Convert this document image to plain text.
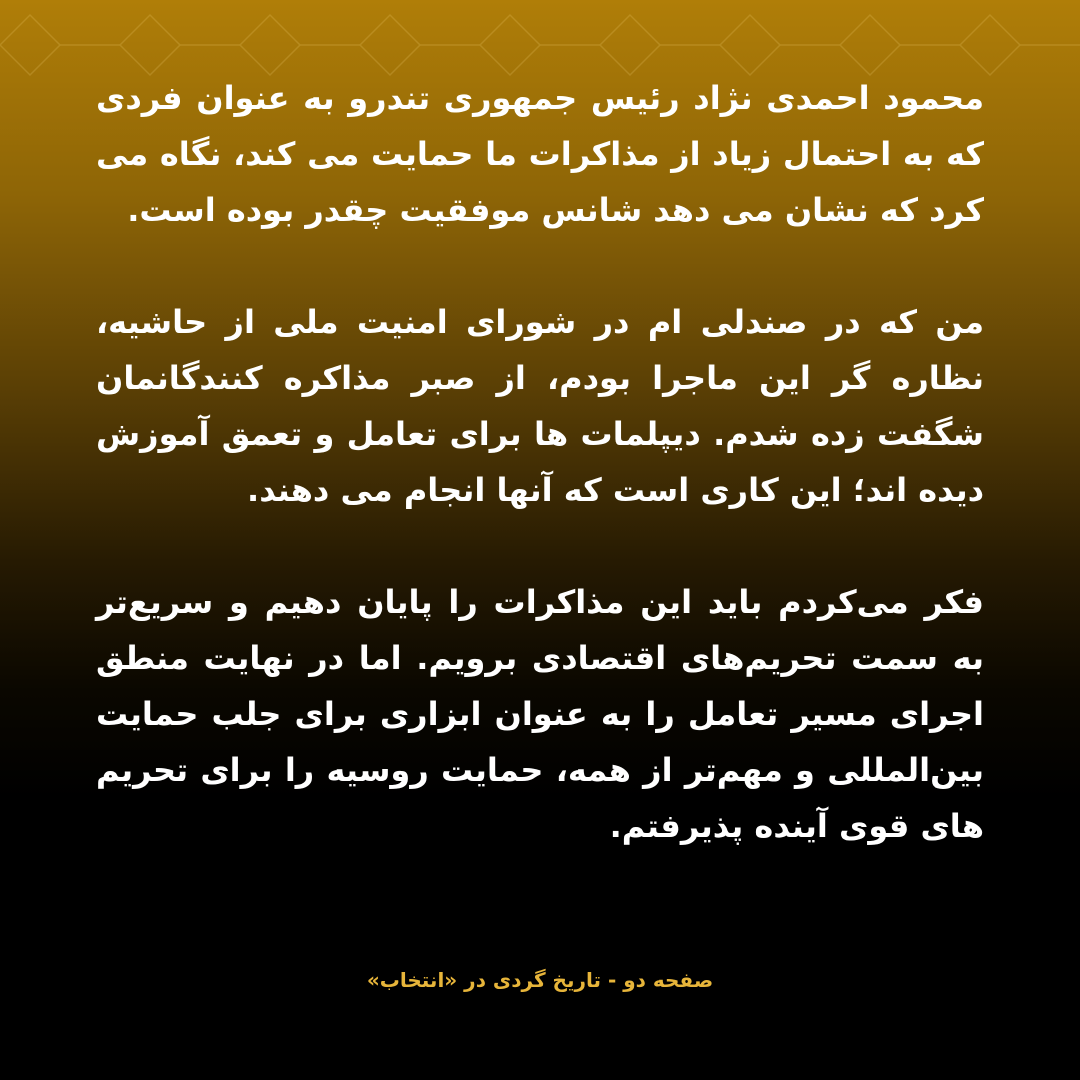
محمود احمدی نژاد رئیس جمهوری تندرو به عنوان فردی که به احتمال زیاد از مذاکرات ما حمایت می کند، نگاه می کرد که نشان می دهد شانس موفقیت چقدر بوده است.

من که در صندلی ام در شورای امنیت ملی از حاشیه، نظاره گر این ماجرا بودم، از صبر مذاکره کنندگانمان شگفت زده شدم. دیپلمات ها برای تعامل و تعمق آموزش دیده اند؛ این کاری است که آنها انجام می دهند.

فکر می‌کردم باید این مذاکرات را پایان دهیم و سریع‌تر به سمت تحریم‌های اقتصادی برویم. اما در نهایت منطق اجرای مسیر تعامل را به عنوان ابزاری برای جلب حمایت بین‌المللی و مهم‌تر از همه، حمایت روسیه را برای تحریم های قوی آینده پذیرفتم.

صفحه دو - تاریخ گردی در «انتخاب»
